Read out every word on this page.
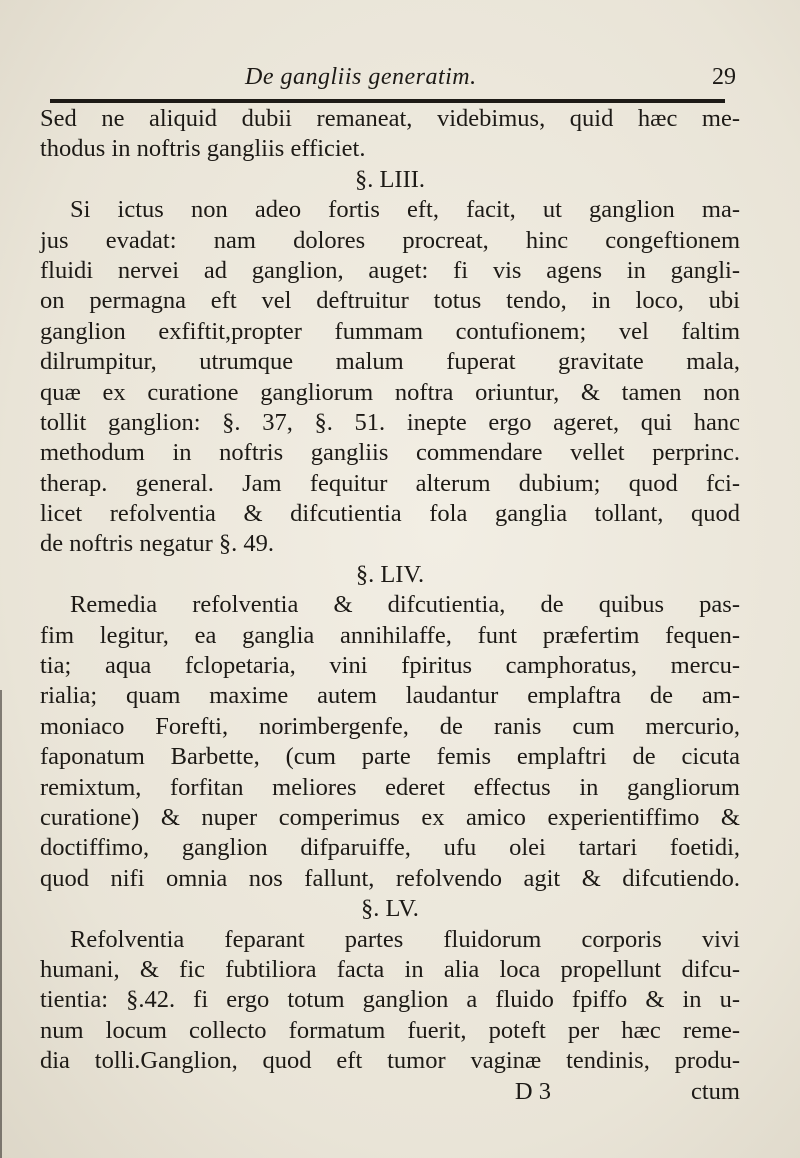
De gangliis generatim.	29
Sed ne aliquid dubii remaneat, videbimus, quid hæc me-
thodus in noftris gangliis efficiet.
§. LIII.
Si ictus non adeo fortis eft, facit, ut ganglion ma-
jus evadat: nam dolores procreat, hinc congeftionem
fluidi nervei ad ganglion, auget: fi vis agens in gangli-
on permagna eft vel deftruitur totus tendo, in loco, ubi
ganglion exfiftit,propter fummam contufionem; vel faltim
dilrumpitur, utrumque malum fuperat gravitate mala,
quæ ex curatione gangliorum noftra oriuntur, & tamen non
tollit ganglion: §. 37, §. 51. inepte ergo ageret, qui hanc
methodum in noftris gangliis commendare vellet perprinc.
therap. general. Jam fequitur alterum dubium; quod fci-
licet refolventia & difcutientia fola ganglia tollant, quod
de noftris negatur §. 49.
§. LIV.
Remedia refolventia & difcutientia, de quibus pas-
fim legitur, ea ganglia annihilaffe, funt præfertim fequen-
tia; aqua fclopetaria, vini fpiritus camphoratus, mercu-
rialia; quam maxime autem laudantur emplaftra de am-
moniaco Forefti, norimbergenfe, de ranis cum mercurio,
faponatum Barbette, (cum parte femis emplaftri de cicuta
remixtum, forfitan meliores ederet effectus in gangliorum
curatione) & nuper comperimus ex amico experientiffimo &
doctiffimo, ganglion difparuiffe, ufu olei tartari foetidi,
quod nifi omnia nos fallunt, refolvendo agit & difcutiendo.
§. LV.
Refolventia feparant partes fluidorum corporis vivi
humani, & fic fubtiliora facta in alia loca propellunt difcu-
tientia: §.42. fi ergo totum ganglion a fluido fpiffo & in u-
num locum collecto formatum fuerit, poteft per hæc reme-
dia tolli.Ganglion, quod eft tumor vaginæ tendinis, produ-
D 3	ctum
